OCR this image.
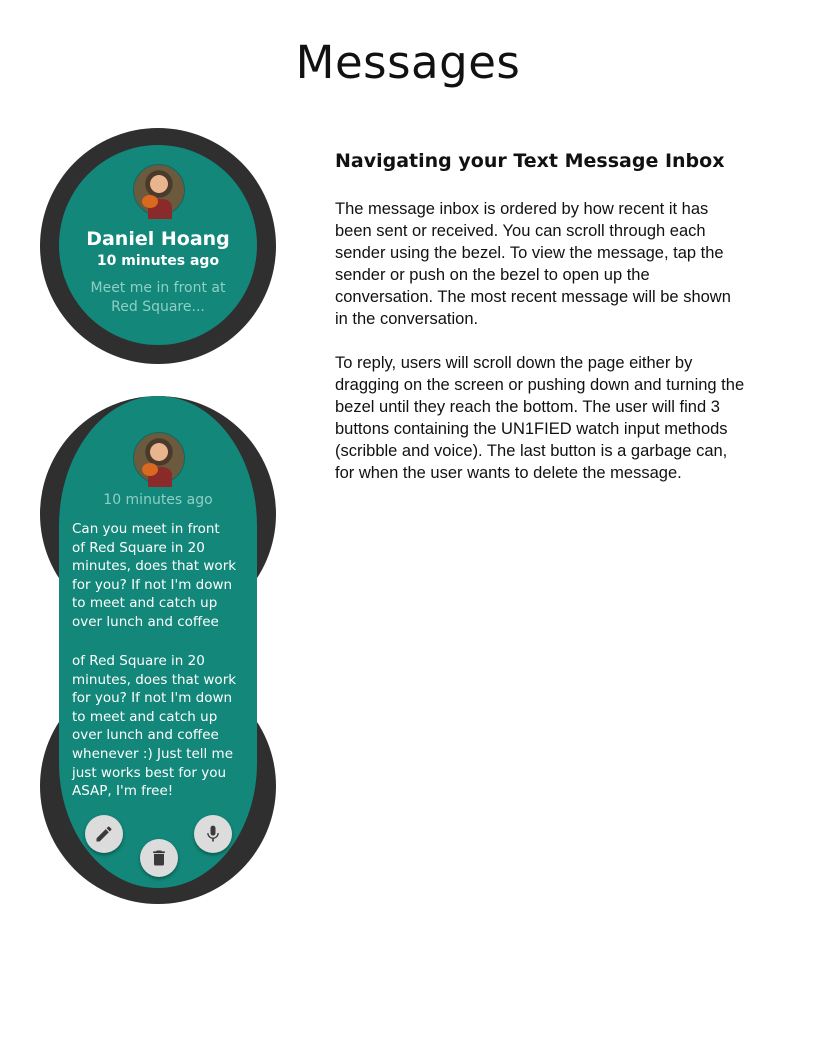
Messages
Navigating your Text Message Inbox

The message inbox is ordered by how recent it has been sent or received. You can scroll through each sender using the bezel. To view the message, tap the sender or push on the bezel to open up the conversation. The most recent message will be shown in the conversation.

To reply, users will scroll down the page either by dragging on the screen or pushing down and turning the bezel until they reach the bottom. The user will find 3 buttons containing the UN1FIED watch input methods (scribble and voice). The last button is a garbage can, for when the user wants to delete the message.

Daniel Hoang
10 minutes ago
Meet me in front at Red Square...
10 minutes ago
Can you meet in front
of Red Square in 20
minutes, does that work
for you? If not I'm down
to meet and catch up
over lunch and coffee
of Red Square in 20
minutes, does that work
for you? If not I'm down
to meet and catch up
over lunch and coffee
whenever :) Just tell me
just works best for you
ASAP, I'm free!
